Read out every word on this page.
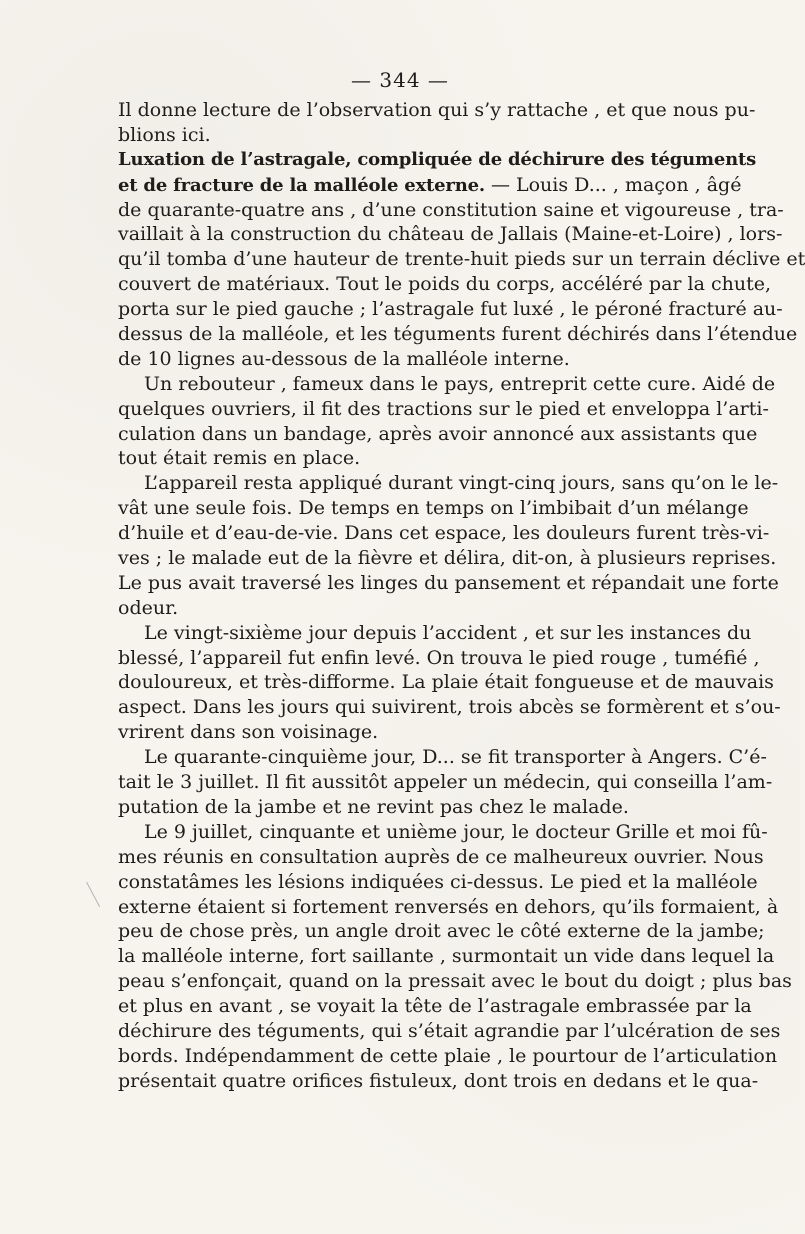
— 344 —
Il donne lecture de l’observation qui s’y rattache , et que nous pu-
blions ici.
Luxation de l’astragale, compliquée de déchirure des téguments
et de fracture de la malléole externe. — Louis D... , maçon , âgé
de quarante-quatre ans , d’une constitution saine et vigoureuse , tra-
vaillait à la construction du château de Jallais (Maine-et-Loire) , lors-
qu’il tomba d’une hauteur de trente-huit pieds sur un terrain déclive et
couvert de matériaux. Tout le poids du corps, accéléré par la chute,
porta sur le pied gauche ; l’astragale fut luxé , le péroné fracturé au-
dessus de la malléole, et les téguments furent déchirés dans l’étendue
de 10 lignes au-dessous de la malléole interne.
Un rebouteur , fameux dans le pays, entreprit cette cure. Aidé de
quelques ouvriers, il fit des tractions sur le pied et enveloppa l’arti-
culation dans un bandage, après avoir annoncé aux assistants que
tout était remis en place.
L’appareil resta appliqué durant vingt-cinq jours, sans qu’on le le-
vât une seule fois. De temps en temps on l’imbibait d’un mélange
d’huile et d’eau-de-vie. Dans cet espace, les douleurs furent très-vi-
ves ; le malade eut de la fièvre et délira, dit-on, à plusieurs reprises.
Le pus avait traversé les linges du pansement et répandait une forte
odeur.
Le vingt-sixième jour depuis l’accident , et sur les instances du
blessé, l’appareil fut enfin levé. On trouva le pied rouge , tuméfié ,
douloureux, et très-difforme. La plaie était fongueuse et de mauvais
aspect. Dans les jours qui suivirent, trois abcès se formèrent et s’ou-
vrirent dans son voisinage.
Le quarante-cinquième jour, D... se fit transporter à Angers. C’é-
tait le 3 juillet. Il fit aussitôt appeler un médecin, qui conseilla l’am-
putation de la jambe et ne revint pas chez le malade.
Le 9 juillet, cinquante et unième jour, le docteur Grille et moi fû-
mes réunis en consultation auprès de ce malheureux ouvrier. Nous
constatâmes les lésions indiquées ci-dessus. Le pied et la malléole
externe étaient si fortement renversés en dehors, qu’ils formaient, à
peu de chose près, un angle droit avec le côté externe de la jambe;
la malléole interne, fort saillante , surmontait un vide dans lequel la
peau s’enfonçait, quand on la pressait avec le bout du doigt ; plus bas
et plus en avant , se voyait la tête de l’astragale embrassée par la
déchirure des téguments, qui s’était agrandie par l’ulcération de ses
bords. Indépendamment de cette plaie , le pourtour de l’articulation
présentait quatre orifices fistuleux, dont trois en dedans et le qua-
